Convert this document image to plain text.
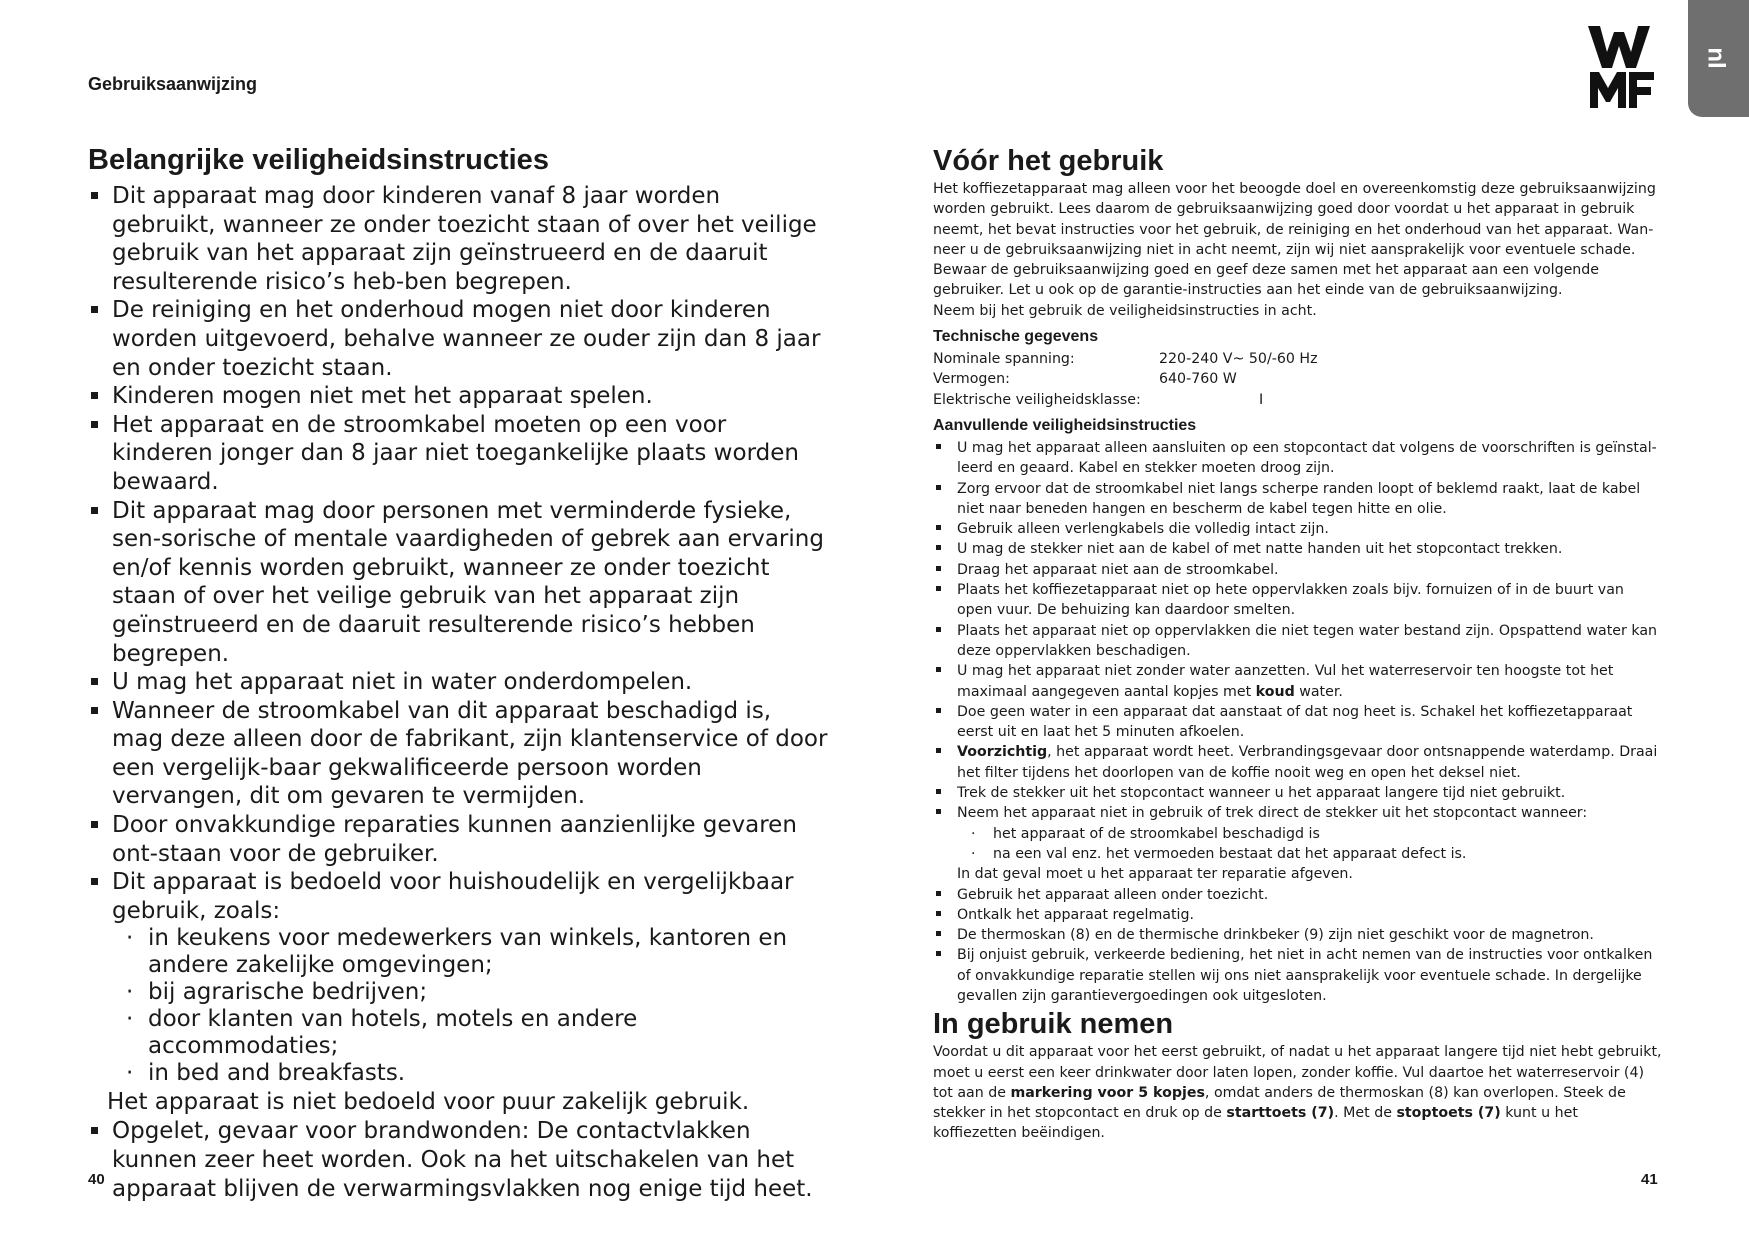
Gebruiksaanwijzing
nl
Belangrijke veiligheidsinstructies
Dit apparaat mag door kinderen vanaf 8 jaar worden gebruikt, wanneer ze onder toezicht staan of over het veilige gebruik van het apparaat zijn geïnstrueerd en de daaruit resulterende risico’s heb-ben begrepen.
De reiniging en het onderhoud mogen niet door kinderen worden uitgevoerd, behalve wanneer ze ouder zijn dan 8 jaar en onder toezicht staan.
Kinderen mogen niet met het apparaat spelen.
Het apparaat en de stroomkabel moeten op een voor kinderen jonger dan 8 jaar niet toegankelijke plaats worden bewaard.
Dit apparaat mag door personen met verminderde fysieke, sen-sorische of mentale vaardigheden of gebrek aan ervaring en/of kennis worden gebruikt, wanneer ze onder toezicht staan of over het veilige gebruik van het apparaat zijn geïnstrueerd en de daaruit resulterende risico’s hebben begrepen.
U mag het apparaat niet in water onderdompelen.
Wanneer de stroomkabel van dit apparaat beschadigd is, mag deze alleen door de fabrikant, zijn klantenservice of door een vergelijk-baar gekwalificeerde persoon worden vervangen, dit om gevaren te vermijden.
Door onvakkundige reparaties kunnen aanzienlijke gevaren ont-staan voor de gebruiker.
Dit apparaat is bedoeld voor huishoudelijk en vergelijkbaar gebruik, zoals:
· in keukens voor medewerkers van winkels, kantoren en andere zakelijke omgevingen;
· bij agrarische bedrijven;
· door klanten van hotels, motels en andere accommodaties;
· in bed and breakfasts.
Het apparaat is niet bedoeld voor puur zakelijk gebruik.
Opgelet, gevaar voor brandwonden: De contactvlakken kunnen zeer heet worden. Ook na het uitschakelen van het apparaat blijven de verwarmingsvlakken nog enige tijd heet.
40
Vóór het gebruik

Het koffiezetapparaat mag alleen voor het beoogde doel en overeenkomstig deze gebruiksaanwijzing worden gebruikt. Lees daarom de gebruiksaanwijzing goed door voordat u het apparaat in gebruik neemt, het bevat instructies voor het gebruik, de reiniging en het onderhoud van het apparaat. Wan-neer u de gebruiksaanwijzing niet in acht neemt, zijn wij niet aansprakelijk voor eventuele schade. Bewaar de gebruiksaanwijzing goed en geef deze samen met het apparaat aan een volgende gebruiker. Let u ook op de garantie-instructies aan het einde van de gebruiksaanwijzing.

Neem bij het gebruik de veiligheidsinstructies in acht.

Technische gegevens
Nominale spanning:	220-240 V~ 50/-60 Hz
Vermogen:	640-760 W
Elektrische veiligheidsklasse:	I
Aanvullende veiligheidsinstructies
U mag het apparaat alleen aansluiten op een stopcontact dat volgens de voorschriften is geïnstal-leerd en geaard. Kabel en stekker moeten droog zijn.
Zorg ervoor dat de stroomkabel niet langs scherpe randen loopt of beklemd raakt, laat de kabel niet naar beneden hangen en bescherm de kabel tegen hitte en olie.
Gebruik alleen verlengkabels die volledig intact zijn.
U mag de stekker niet aan de kabel of met natte handen uit het stopcontact trekken.
Draag het apparaat niet aan de stroomkabel.
Plaats het koffiezetapparaat niet op hete oppervlakken zoals bijv. fornuizen of in de buurt van open vuur. De behuizing kan daardoor smelten.
Plaats het apparaat niet op oppervlakken die niet tegen water bestand zijn. Opspattend water kan deze oppervlakken beschadigen.
U mag het apparaat niet zonder water aanzetten. Vul het waterreservoir ten hoogste tot het maximaal aangegeven aantal kopjes met koud water.
Doe geen water in een apparaat dat aanstaat of dat nog heet is. Schakel het koffiezetapparaat eerst uit en laat het 5 minuten afkoelen.
Voorzichtig, het apparaat wordt heet. Verbrandingsgevaar door ontsnappende waterdamp. Draai het filter tijdens het doorlopen van de koffie nooit weg en open het deksel niet.
Trek de stekker uit het stopcontact wanneer u het apparaat langere tijd niet gebruikt.
Neem het apparaat niet in gebruik of trek direct de stekker uit het stopcontact wanneer:
· het apparaat of de stroomkabel beschadigd is
· na een val enz. het vermoeden bestaat dat het apparaat defect is.
In dat geval moet u het apparaat ter reparatie afgeven.
Gebruik het apparaat alleen onder toezicht.
Ontkalk het apparaat regelmatig.
De thermoskan (8) en de thermische drinkbeker (9) zijn niet geschikt voor de magnetron.
Bij onjuist gebruik, verkeerde bediening, het niet in acht nemen van de instructies voor ontkalken of onvakkundige reparatie stellen wij ons niet aansprakelijk voor eventuele schade. In dergelijke gevallen zijn garantievergoedingen ook uitgesloten.
In gebruik nemen

Voordat u dit apparaat voor het eerst gebruikt, of nadat u het apparaat langere tijd niet hebt gebruikt, moet u eerst een keer drinkwater door laten lopen, zonder koffie. Vul daartoe het waterreservoir (4) tot aan de markering voor 5 kopjes, omdat anders de thermoskan (8) kan overlopen. Steek de stekker in het stopcontact en druk op de starttoets (7). Met de stoptoets (7) kunt u het koffiezetten beëindigen.

41
